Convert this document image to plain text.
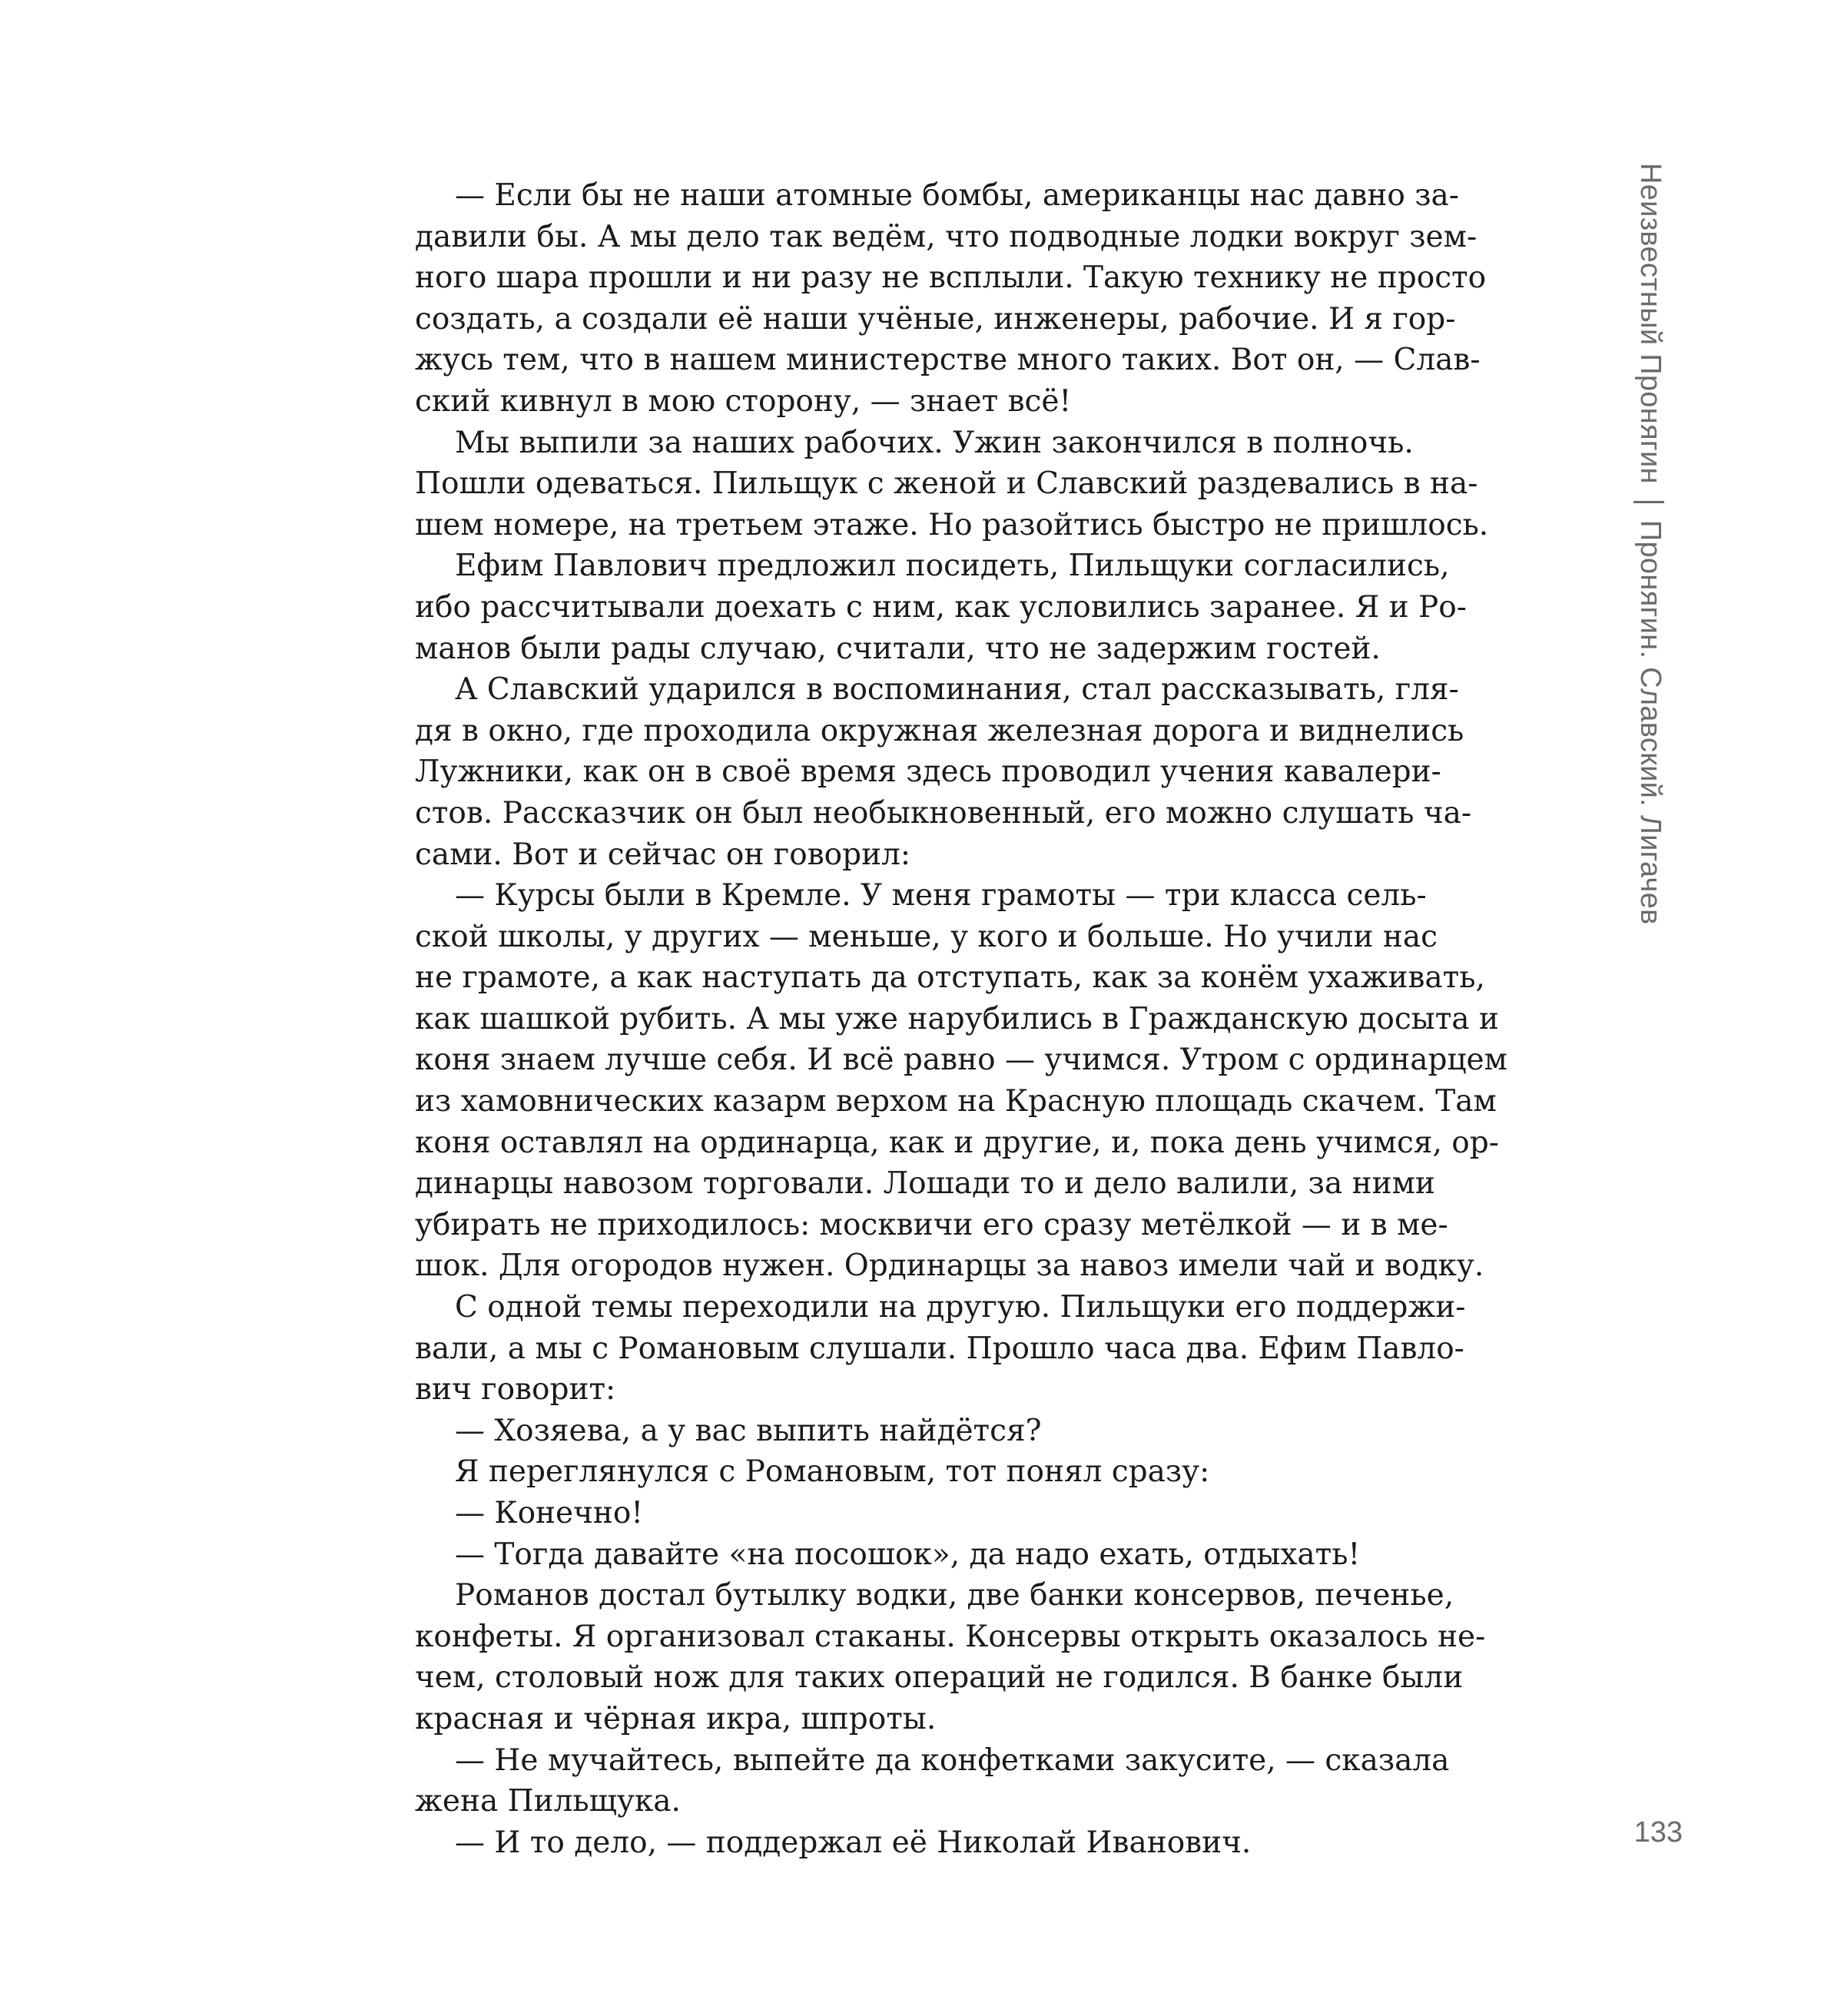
— Если бы не наши атомные бомбы, американцы нас давно за-
давили бы. А мы дело так ведём, что подводные лодки вокруг зем-
ного шара прошли и ни разу не всплыли. Такую технику не просто
создать, а создали её наши учёные, инженеры, рабочие. И я гор-
жусь тем, что в нашем министерстве много таких. Вот он, — Слав-
ский кивнул в мою сторону, — знает всё!
Мы выпили за наших рабочих. Ужин закончился в полночь.
Пошли одеваться. Пильщук с женой и Славский раздевались в на-
шем номере, на третьем этаже. Но разойтись быстро не пришлось.
Ефим Павлович предложил посидеть, Пильщуки согласились,
ибо рассчитывали доехать с ним, как условились заранее. Я и Ро-
манов были рады случаю, считали, что не задержим гостей.
А Славский ударился в воспоминания, стал рассказывать, гля-
дя в окно, где проходила окружная железная дорога и виднелись
Лужники, как он в своё время здесь проводил учения кавалери-
стов. Рассказчик он был необыкновенный, его можно слушать ча-
сами. Вот и сейчас он говорил:
— Курсы были в Кремле. У меня грамоты — три класса сель-
ской школы, у других — меньше, у кого и больше. Но учили нас
не грамоте, а как наступать да отступать, как за конём ухаживать,
как шашкой рубить. А мы уже нарубились в Гражданскую досыта и
коня знаем лучше себя. И всё равно — учимся. Утром с ординарцем
из хамовнических казарм верхом на Красную площадь скачем. Там
коня оставлял на ординарца, как и другие, и, пока день учимся, ор-
динарцы навозом торговали. Лошади то и дело валили, за ними
убирать не приходилось: москвичи его сразу метёлкой — и в ме-
шок. Для огородов нужен. Ординарцы за навоз имели чай и водку.
С одной темы переходили на другую. Пильщуки его поддержи-
вали, а мы с Романовым слушали. Прошло часа два. Ефим Павло-
вич говорит:
— Хозяева, а у вас выпить найдётся?
Я переглянулся с Романовым, тот понял сразу:
— Конечно!
— Тогда давайте «на посошок», да надо ехать, отдыхать!
Романов достал бутылку водки, две банки консервов, печенье,
конфеты. Я организовал стаканы. Консервы открыть оказалось не-
чем, столовый нож для таких операций не годился. В банке были
красная и чёрная икра, шпроты.
— Не мучайтесь, выпейте да конфетками закусите, — сказала
жена Пильщука.
— И то дело, — поддержал её Николай Иванович.
Неизвестный ПронягинПронягин. Славский. Лигачев
133
